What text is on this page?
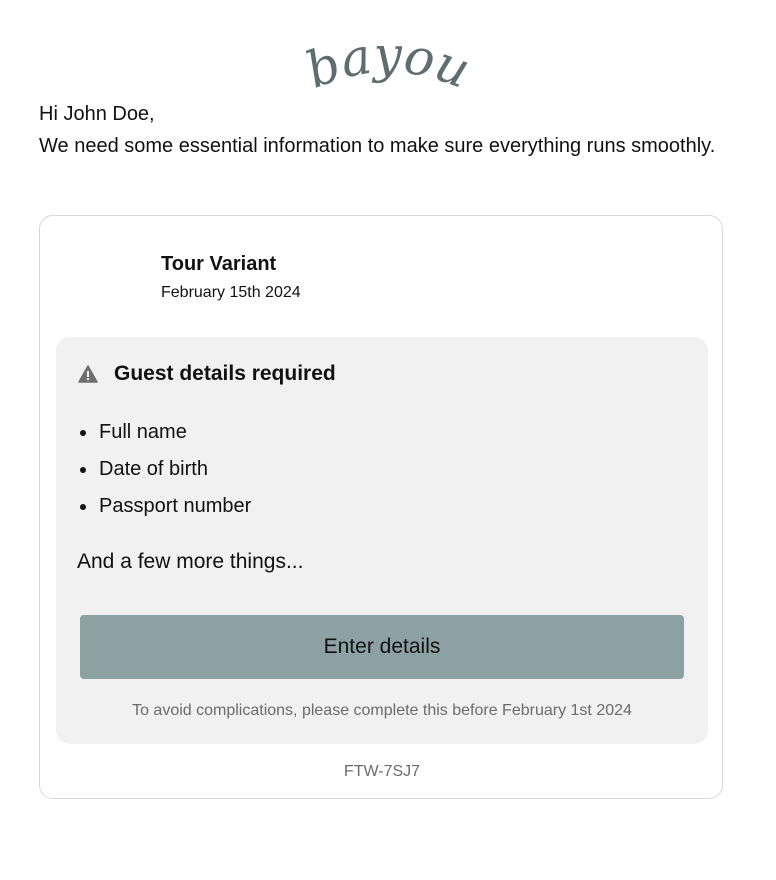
bayou
Hi John Doe,
We need some essential information to make sure everything runs smoothly.
Tour Variant
February 15th 2024
Guest details required
• Full name
• Date of birth
• Passport number
And a few more things...
Enter details
To avoid complications, please complete this before February 1st 2024
FTW-7SJ7
